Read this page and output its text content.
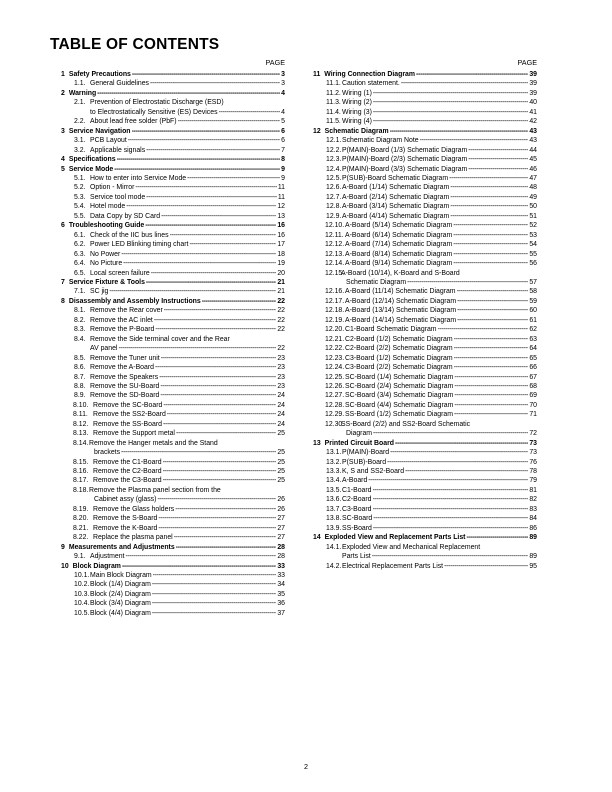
TABLE OF CONTENTS
PAGE
1 Safety Precautions -----	3
1.1. General Guidelines -----	3
2 Warning -----	4
2.1. Prevention of Electrostatic Discharge (ESD)
to Electrostatically Sensitive (ES) Devices -----	4
2.2. About lead free solder (PbF) -----	5
3 Service Navigation -----	6
3.1. PCB Layout -----	6
3.2. Applicable signals -----	7
4 Specifications -----	8
5 Service Mode -----	9
5.1. How to enter into Service Mode -----	9
5.2. Option - Mirror -----	11
5.3. Service tool mode -----	11
5.4. Hotel mode -----	12
5.5. Data Copy by SD Card -----	13
6 Troubleshooting Guide -----	16
6.1. Check of the IIC bus lines -----	16
6.2. Power LED Blinking timing chart -----	17
6.3. No Power -----	18
6.4. No Picture -----	19
6.5. Local screen failure -----	20
7 Service Fixture & Tools -----	21
7.1. SC jig -----	21
8 Disassembly and Assembly Instructions -----	22
8.1. Remove the Rear cover -----	22
8.2. Remove the AC inlet -----	22
8.3. Remove the P-Board -----	22
8.4. Remove the Side terminal cover and the Rear
AV panel -----	22
8.5. Remove the Tuner unit -----	23
8.6. Remove the A-Board -----	23
8.7. Remove the Speakers -----	23
8.8. Remove the SU-Board -----	23
8.9. Remove the SD-Board -----	24
8.10. Remove the SC-Board -----	24
8.11. Remove the SS2-Board -----	24
8.12. Remove the SS-Board -----	24
8.13. Remove the Support metal -----	25
8.14.Remove the Hanger metals and the Stand
brackets -----	25
8.15. Remove the C1-Board -----	25
8.16. Remove the C2-Board -----	25
8.17. Remove the C3-Board -----	25
8.18.Remove the Plasma panel section from the
Cabinet assy (glass) -----	26
8.19. Remove the Glass holders -----	26
8.20. Remove the S-Board -----	27
8.21. Remove the K-Board -----	27
8.22. Replace the plasma panel -----	27
9 Measurements and Adjustments -----	28
9.1. Adjustment -----	28
10 Block Diagram -----	33
10.1. Main Block Diagram -----	33
10.2. Block (1/4) Diagram -----	34
10.3. Block (2/4) Diagram -----	35
10.4. Block (3/4) Diagram -----	36
10.5. Block (4/4) Diagram -----	37
PAGE
11 Wiring Connection Diagram -----	39
11.1. Caution statement. -----	39
11.2. Wiring (1) -----	39
11.3. Wiring (2) -----	40
11.4. Wiring (3) -----	41
11.5. Wiring (4) -----	42
12 Schematic Diagram -----	43
12.1. Schematic Diagram Note -----	43
12.2. P(MAIN)-Board (1/3) Schematic Diagram -----	44
12.3. P(MAIN)-Board (2/3) Schematic Diagram -----	45
12.4. P(MAIN)-Board (3/3) Schematic Diagram -----	46
12.5. P(SUB)-Board Schematic Diagram -----	47
12.6. A-Board (1/14) Schematic Diagram -----	48
12.7. A-Board (2/14) Schematic Diagram -----	49
12.8. A-Board (3/14) Schematic Diagram -----	50
12.9. A-Board (4/14) Schematic Diagram -----	51
12.10. A-Board (5/14) Schematic Diagram -----	52
12.11. A-Board (6/14) Schematic Diagram -----	53
12.12. A-Board (7/14) Schematic Diagram -----	54
12.13. A-Board (8/14) Schematic Diagram -----	55
12.14. A-Board (9/14) Schematic Diagram -----	56
12.15.A-Board (10/14), K-Board and S-Board
Schematic Diagram -----	57
12.16. A-Board (11/14) Schematic Diagram -----	58
12.17. A-Board (12/14) Schematic Diagram -----	59
12.18. A-Board (13/14) Schematic Diagram -----	60
12.19. A-Board (14/14) Schematic Diagram -----	61
12.20. C1-Board Schematic Diagram -----	62
12.21. C2-Board (1/2) Schematic Diagram -----	63
12.22. C2-Board (2/2) Schematic Diagram -----	64
12.23. C3-Board (1/2) Schematic Diagram -----	65
12.24. C3-Board (2/2) Schematic Diagram -----	66
12.25. SC-Board (1/4) Schematic Diagram -----	67
12.26. SC-Board (2/4) Schematic Diagram -----	68
12.27. SC-Board (3/4) Schematic Diagram -----	69
12.28. SC-Board (4/4) Schematic Diagram -----	70
12.29. SS-Board (1/2) Schematic Diagram -----	71
12.30.SS-Board (2/2) and SS2-Board Schematic
Diagram -----	72
13 Printed Circuit Board -----	73
13.1. P(MAIN)-Board -----	73
13.2. P(SUB)-Board -----	76
13.3. K, S and SS2-Board -----	78
13.4. A-Board -----	79
13.5. C1-Board -----	81
13.6. C2-Board -----	82
13.7. C3-Board -----	83
13.8. SC-Board -----	84
13.9. SS-Board -----	86
14 Exploded View and Replacement Parts List -----	89
14.1.Exploded View and Mechanical Replacement
Parts List -----	89
14.2. Electrical Replacement Parts List -----	95
2
